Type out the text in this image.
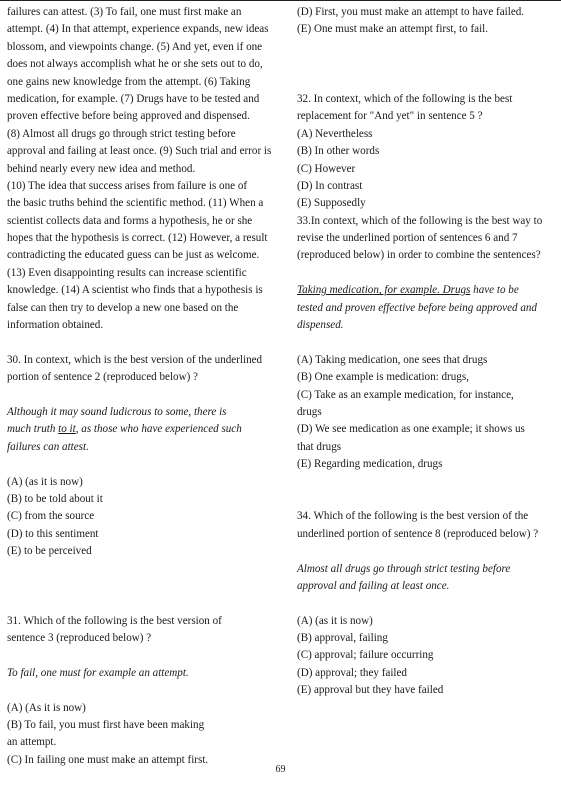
failures can attest. (3) To fail, one must first make an
attempt. (4) In that attempt, experience expands, new ideas
blossom, and viewpoints change. (5) And yet, even if one
does not always accomplish what he or she sets out to do,
one gains new knowledge from the attempt. (6) Taking
medication, for example. (7) Drugs have to be tested and
proven effective before being approved and dispensed.
(8) Almost all drugs go through strict testing before
approval and failing at least once. (9) Such trial and error is
behind nearly every new idea and method.
(10) The idea that success arises from failure is one of
the basic truths behind the scientific method. (11) When a
scientist collects data and forms a hypothesis, he or she
hopes that the hypothesis is correct. (12) However, a result
contradicting the educated guess can be just as welcome.
(13) Even disappointing results can increase scientific
knowledge. (14) A scientist who finds that a hypothesis is
false can then try to develop a new one based on the
information obtained.
30. In context, which is the best version of the underlined
portion of sentence 2 (reproduced below) ?
Although it may sound ludicrous to some, there is
much truth to it, as those who have experienced such
failures can attest.
(A) (as it is now)
(B) to be told about it
(C) from the source
(D) to this sentiment
(E) to be perceived
31. Which of the following is the best version of
sentence 3 (reproduced below) ?
To fail, one must for example an attempt.
(A) (As it is now)
(B) To fail, you must first have been making
an attempt.
(C) In failing one must make an attempt first.
(D) First, you must make an attempt to have failed.
(E) One must make an attempt first, to fail.
32. In context, which of the following is the best
replacement for "And yet" in sentence 5 ?
(A) Nevertheless
(B) In other words
(C) However
(D) In contrast
(E) Supposedly
33.In context, which of the following is the best way to
revise the underlined portion of sentences 6 and 7
(reproduced below) in order to combine the sentences?
Taking medication, for example. Drugs have to be
tested and proven effective before being approved and
dispensed.
(A) Taking medication, one sees that drugs
(B) One example is medication: drugs,
(C) Take as an example medication, for instance,
drugs
(D) We see medication as one example; it shows us
that drugs
(E) Regarding medication, drugs
34. Which of the following is the best version of the
underlined portion of sentence 8 (reproduced below) ?
Almost all drugs go through strict testing before
approval and failing at least once.
(A) (as it is now)
(B) approval, failing
(C) approval; failure occurring
(D) approval; they failed
(E) approval but they have failed
69
